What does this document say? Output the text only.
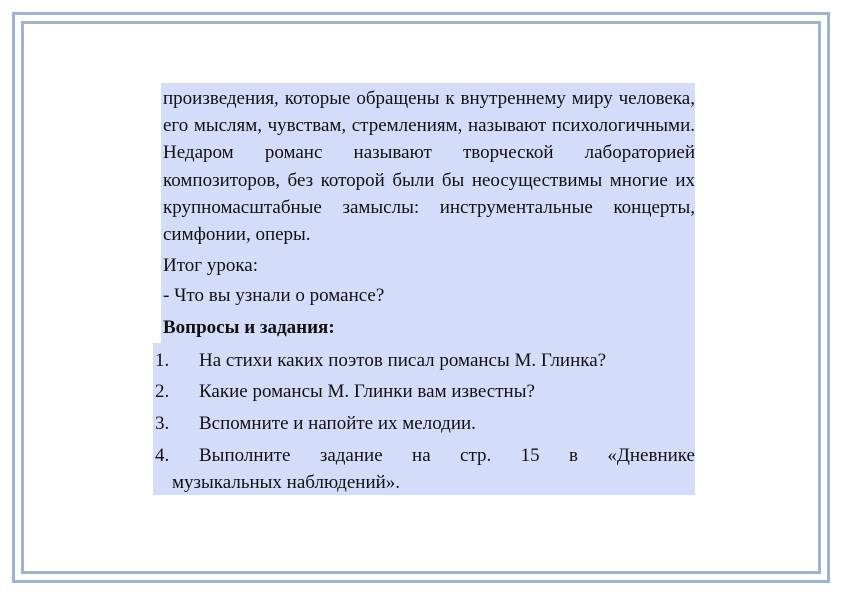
произведения, которые обращены к внутреннему миру человека, его мыслям, чувствам, стремлениям, называют психологичными. Недаром романс называют творческой лабораторией композиторов, без которой были бы неосуществимы многие их крупномасштабные замыслы: инструментальные концерты, симфонии, оперы.

Итог урока:
- Что вы узнали о романсе?
Вопросы и задания:
1. На стихи каких поэтов писал романсы М. Глинка?
2. Какие романсы М. Глинки вам известны?
3. Вспомните и напойте их мелодии.
4. Выполните задание на стр. 15 в «Дневнике
музыкальных наблюдений».
